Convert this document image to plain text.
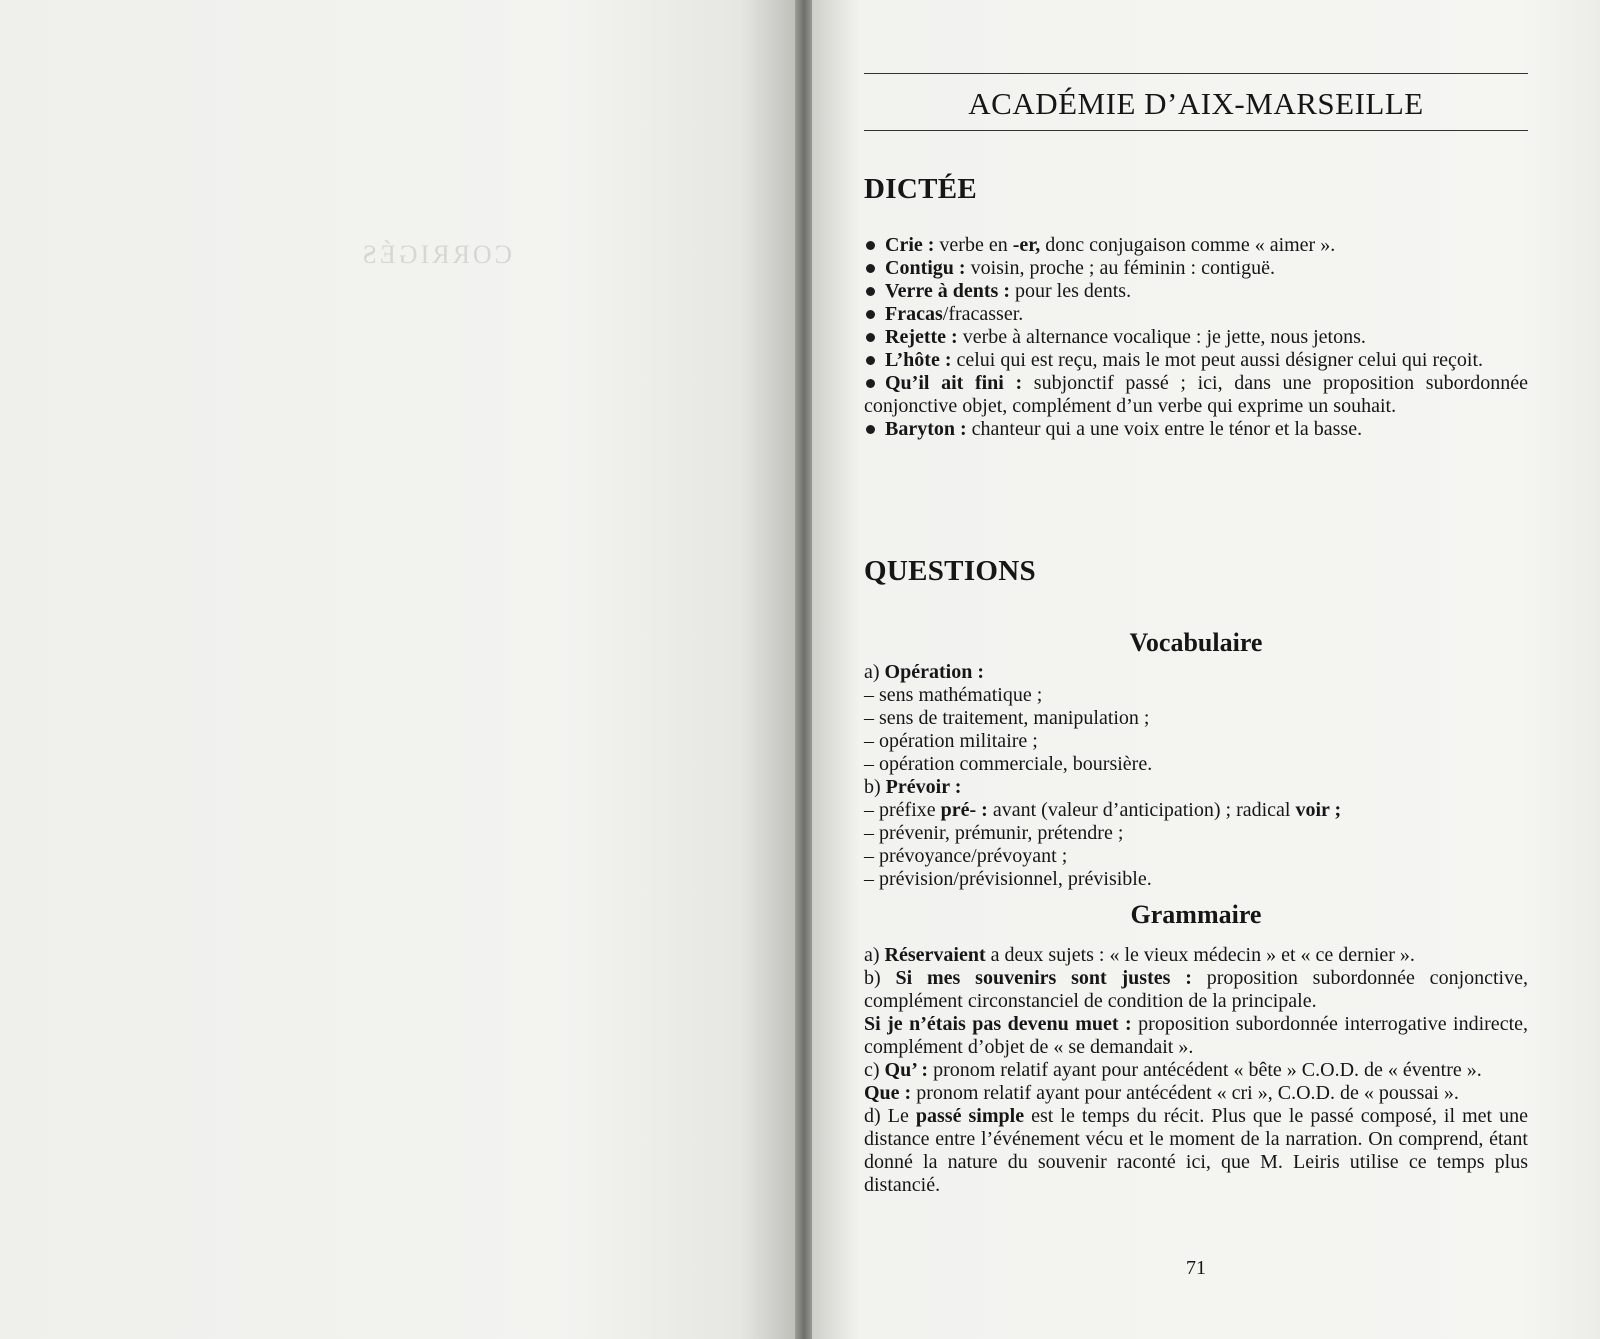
CORRIGÉS
ACADÉMIE D’AIX-MARSEILLE
DICTÉE

Crie : verbe en -er, donc conjugaison comme « aimer ».

Contigu : voisin, proche ; au féminin : contiguë.

Verre à dents : pour les dents.

Fracas/fracasser.

Rejette : verbe à alternance vocalique : je jette, nous jetons.

L’hôte : celui qui est reçu, mais le mot peut aussi désigner celui qui reçoit.

Qu’il ait fini : subjonctif passé ; ici, dans une proposition subordonnée conjonctive objet, complément d’un verbe qui exprime un souhait.

Baryton : chanteur qui a une voix entre le ténor et la basse.

QUESTIONS
Vocabulaire

a) Opération :

– sens mathématique ;

– sens de traitement, manipulation ;

– opération militaire ;

– opération commerciale, boursière.

b) Prévoir :

– préfixe pré- : avant (valeur d’anticipation) ; radical voir ;

– prévenir, prémunir, prétendre ;

– prévoyance/prévoyant ;

– prévision/prévisionnel, prévisible.

Grammaire

a) Réservaient a deux sujets : « le vieux médecin » et « ce dernier ».

b) Si mes souvenirs sont justes : proposition subordonnée conjonctive, complément circonstanciel de condition de la principale.

Si je n’étais pas devenu muet : proposition subordonnée interrogative indirecte, complément d’objet de « se demandait ».

c) Qu’ : pronom relatif ayant pour antécédent « bête » C.O.D. de « éventre ».

Que : pronom relatif ayant pour antécédent « cri », C.O.D. de « poussai ».

d) Le passé simple est le temps du récit. Plus que le passé composé, il met une distance entre l’événement vécu et le moment de la narration. On comprend, étant donné la nature du souvenir raconté ici, que M. Leiris utilise ce temps plus distancié.

71
